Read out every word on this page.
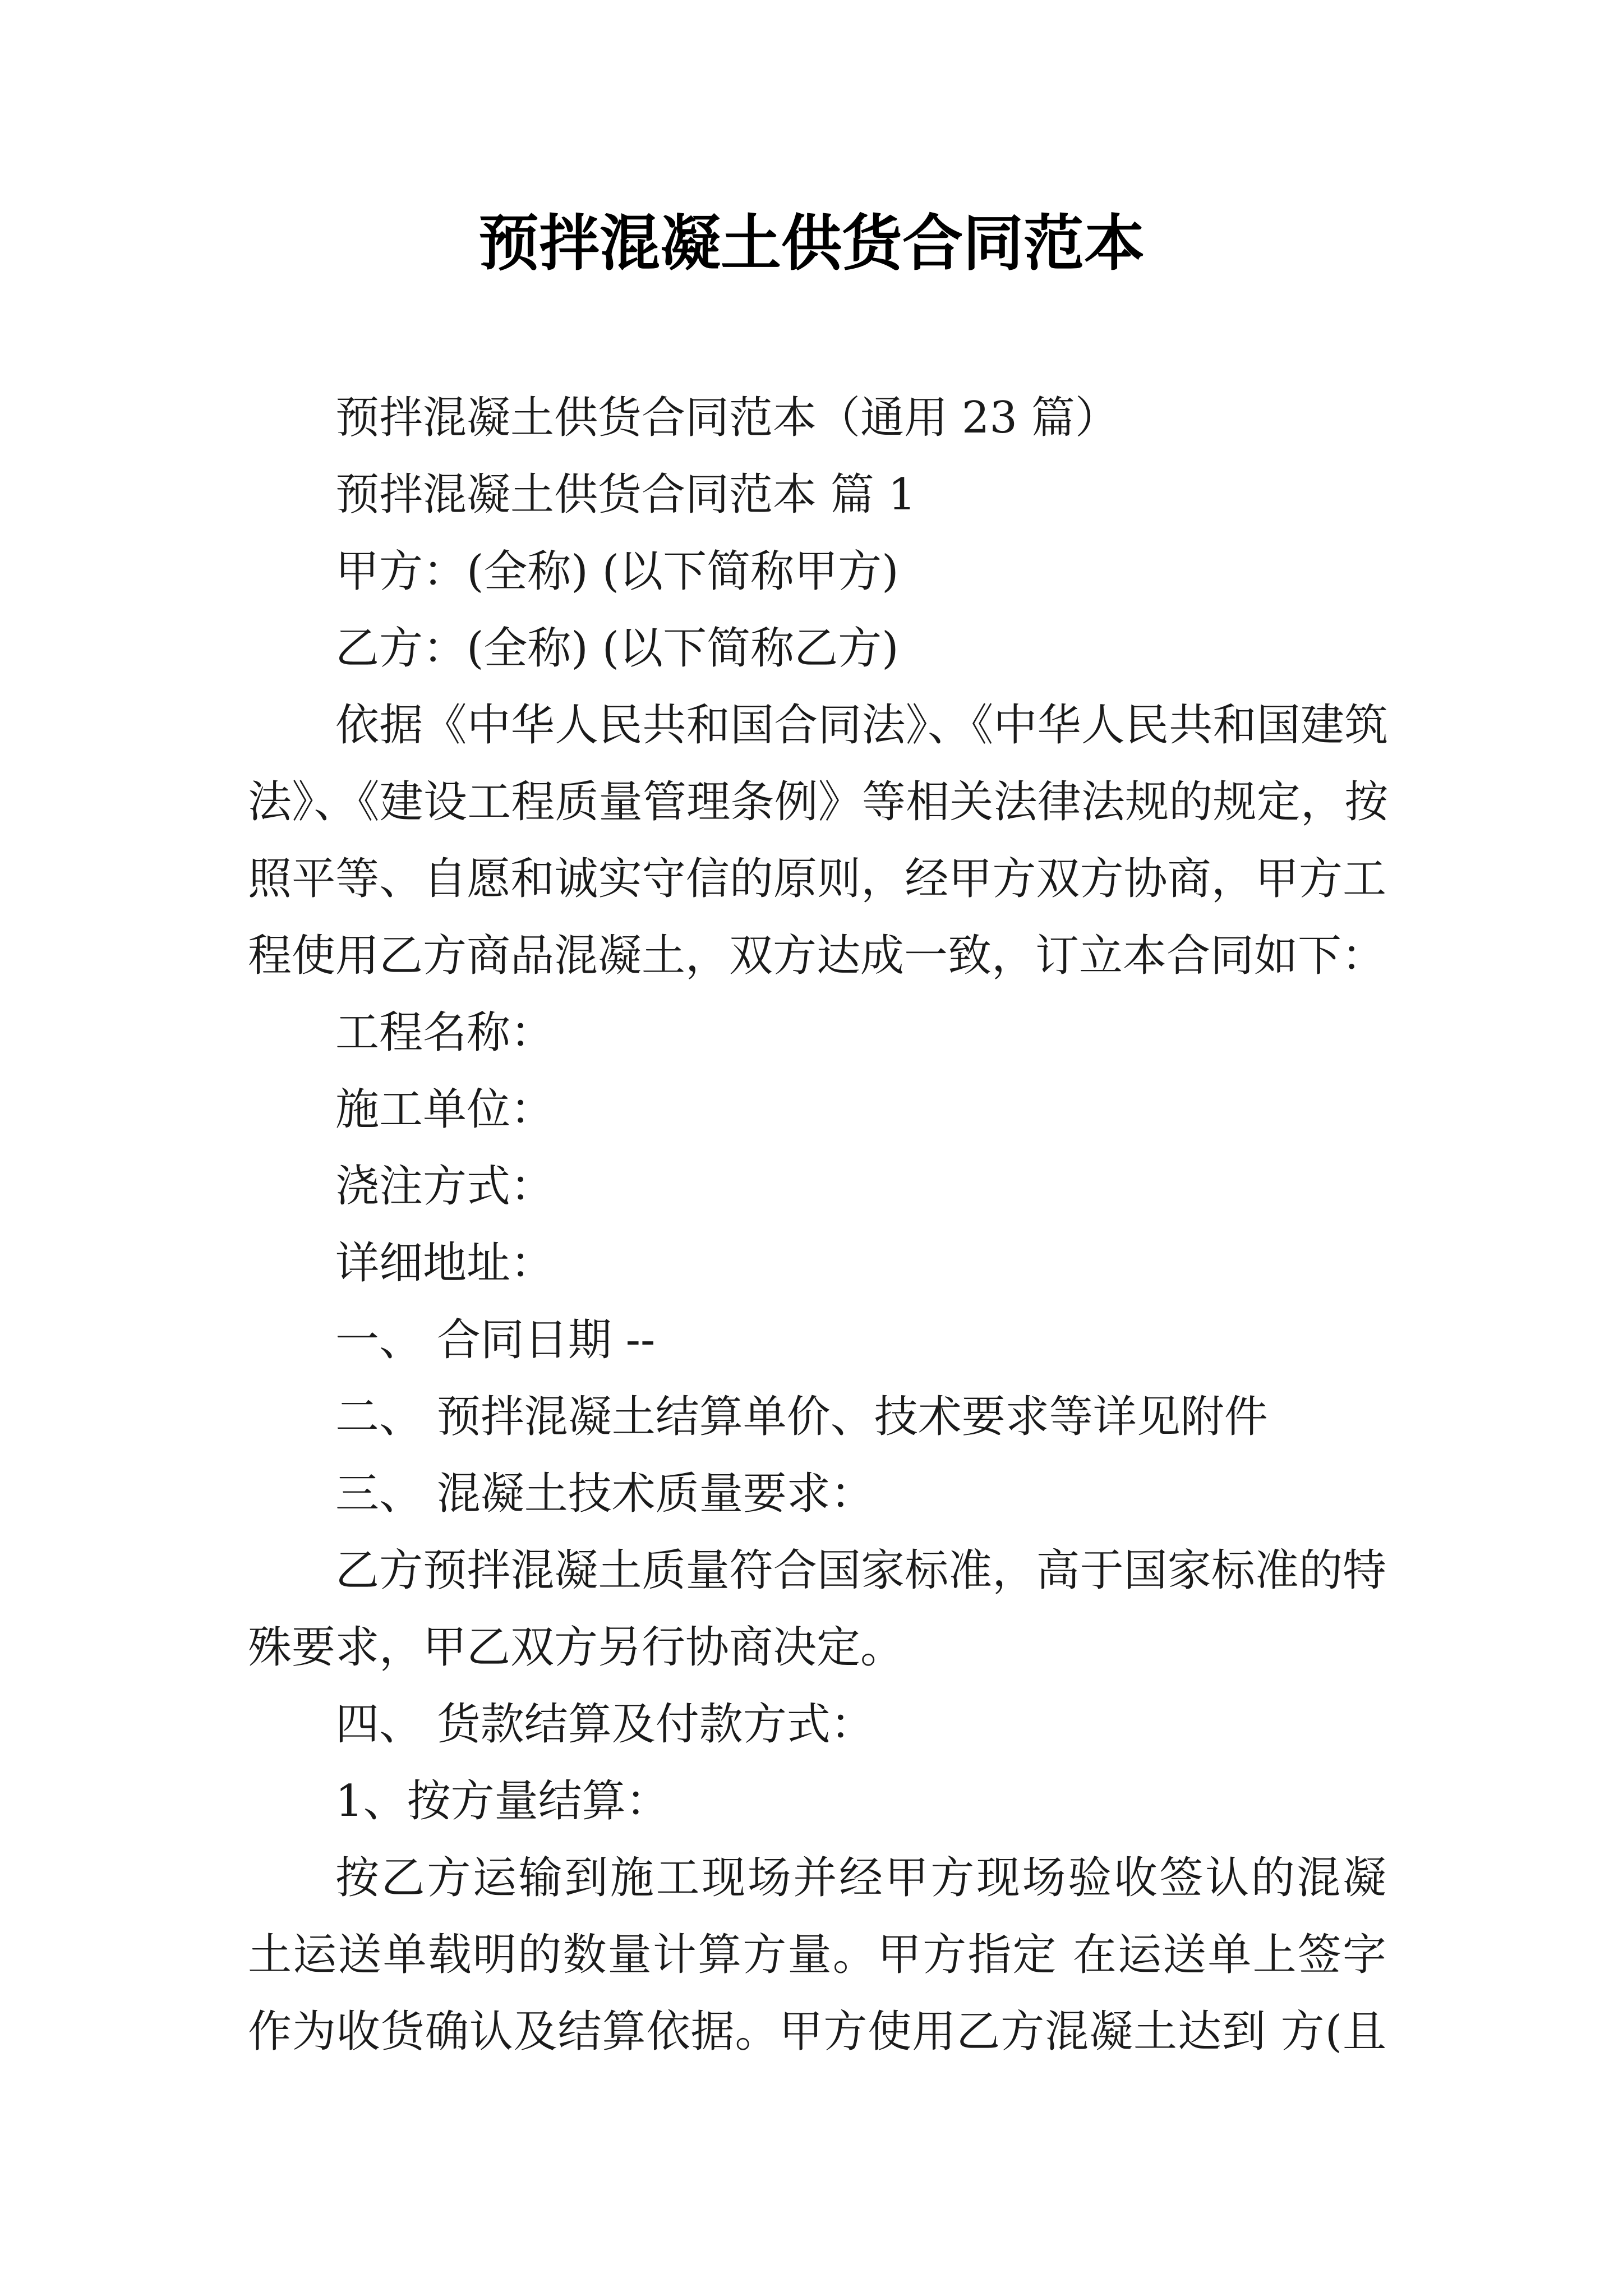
预拌混凝土供货合同范本

预拌混凝土供货合同范本（通用 23 篇）

预拌混凝土供货合同范本 篇 1

甲方：(全称) (以下简称甲方)

乙方：(全称) (以下简称乙方)

依据《中华人民共和国合同法》、《中华人民共和国建筑
法》、《建设工程质量管理条例》等相关法律法规的规定，按
照平等、自愿和诚实守信的原则，经甲方双方协商，甲方工
程使用乙方商品混凝土，双方达成一致，订立本合同如下：

工程名称：

施工单位：

浇注方式：

详细地址：

一、 合同日期 --

二、 预拌混凝土结算单价、技术要求等详见附件

三、 混凝土技术质量要求：

乙方预拌混凝土质量符合国家标准，高于国家标准的特
殊要求，甲乙双方另行协商决定。

四、 货款结算及付款方式：

1、按方量结算：

按乙方运输到施工现场并经甲方现场验收签认的混凝
土运送单载明的数量计算方量。甲方指定 在运送单上签字
作为收货确认及结算依据。甲方使用乙方混凝土达到 方(且
